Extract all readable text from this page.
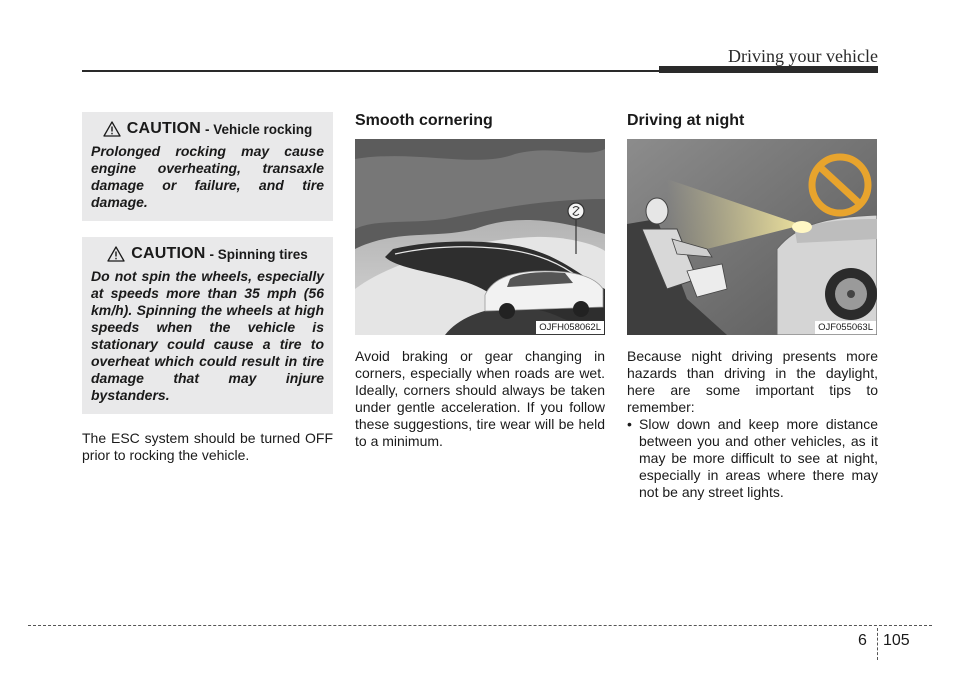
Driving your vehicle
CAUTION - Vehicle rocking

Prolonged rocking may cause engine overheating, transaxle damage or failure, and tire damage.

CAUTION - Spinning tires

Do not spin the wheels, especially at speeds more than 35 mph (56 km/h). Spinning the wheels at high speeds when the vehicle is stationary could cause a tire to overheat which could result in tire damage that may injure bystanders.

The ESC system should be turned OFF prior to rocking the vehicle.

Smooth cornering
OJFH058062L

Avoid braking or gear changing in corners, especially when roads are wet. Ideally, corners should always be taken under gentle acceleration. If you follow these suggestions, tire wear will be held to a minimum.

Driving at night
OJF055063L

Because night driving presents more hazards than driving in the daylight, here are some important tips to remember:

• Slow down and keep more distance between you and other vehicles, as it may be more difficult to see at night, especially in areas where there may not be any street lights.
6 105
